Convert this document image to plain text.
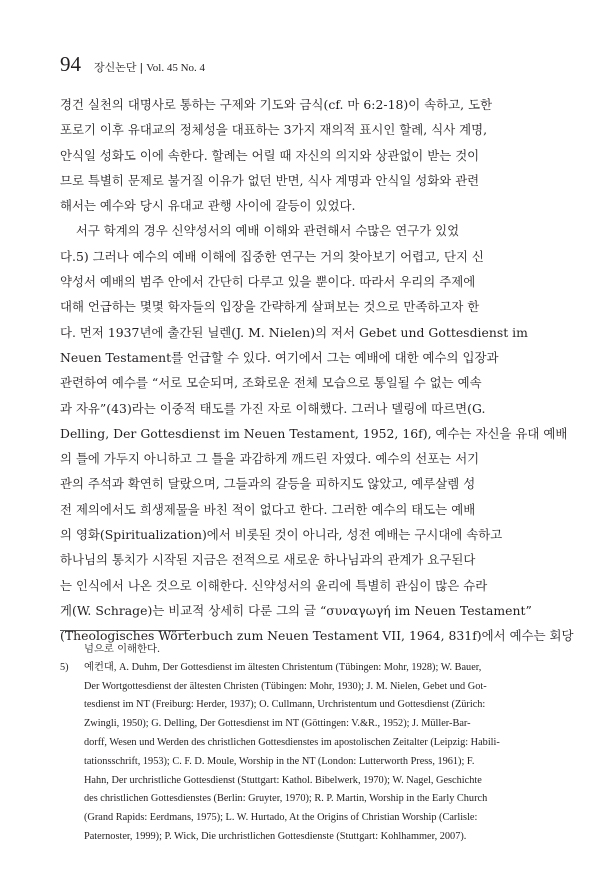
94 장신논단 | Vol. 45 No. 4
경건 실천의 대명사로 통하는 구제와 기도와 금식(cf. 마 6:2-18)이 속하고, 도한
포로기 이후 유대교의 정체성을 대표하는 3가지 재의적 표시인 할례, 식사 계명,
안식일 성화도 이에 속한다. 할례는 어릴 때 자신의 의지와 상관없이 받는 것이
므로 특별히 문제로 불거질 이유가 없던 반면, 식사 계명과 안식일 성화와 관련
해서는 예수와 당시 유대교 관행 사이에 갈등이 있었다.
서구 학계의 경우 신약성서의 예배 이해와 관련해서 수많은 연구가 있었
다.5) 그러나 예수의 예배 이해에 집중한 연구는 거의 찾아보기 어렵고, 단지 신
약성서 예배의 범주 안에서 간단히 다루고 있을 뿐이다. 따라서 우리의 주제에
대해 언급하는 몇몇 학자들의 입장을 간략하게 살펴보는 것으로 만족하고자 한
다. 먼저 1937년에 출간된 닐렌(J. M. Nielen)의 저서 Gebet und Gottesdienst im
Neuen Testament를 언급할 수 있다. 여기에서 그는 예배에 대한 예수의 입장과
관련하여 예수를 “서로 모순되며, 조화로운 전체 모습으로 통일될 수 없는 예속
과 자유”(43)라는 이중적 태도를 가진 자로 이해했다. 그러나 델링에 따르면(G.
Delling, Der Gottesdienst im Neuen Testament, 1952, 16f), 예수는 자신을 유대 예배
의 틀에 가두지 아니하고 그 틀을 과감하게 깨드린 자였다. 예수의 선포는 서기
관의 주석과 확연히 달랐으며, 그들과의 갈등을 피하지도 않았고, 예루살렘 성
전 제의에서도 희생제물을 바친 적이 없다고 한다. 그러한 예수의 태도는 예배
의 영화(Spiritualization)에서 비롯된 것이 아니라, 성전 예배는 구시대에 속하고
하나님의 통치가 시작된 지금은 전적으로 새로운 하나님과의 관계가 요구된다
는 인식에서 나온 것으로 이해한다. 신약성서의 윤리에 특별히 관심이 많은 슈라
게(W. Schrage)는 비교적 상세히 다룬 그의 글 “συναγωγή im Neuen Testament”
(Theologisches Wörterbuch zum Neuen Testament VII, 1964, 831f)에서 예수는 회당
넘으로 이해한다.
5) 예컨대, A. Duhm, Der Gottesdienst im ältesten Christentum (Tübingen: Mohr, 1928); W. Bauer,
Der Wortgottesdienst der ältesten Christen (Tübingen: Mohr, 1930); J. M. Nielen, Gebet und Got-
tesdienst im NT (Freiburg: Herder, 1937); O. Cullmann, Urchristentum und Gottesdienst (Zürich:
Zwingli, 1950); G. Delling, Der Gottesdienst im NT (Göttingen: V.&R., 1952); J. Müller-Bar-
dorff, Wesen und Werden des christlichen Gottesdienstes im apostolischen Zeitalter (Leipzig: Habili-
tationsschrift, 1953); C. F. D. Moule, Worship in the NT (London: Lutterworth Press, 1961); F.
Hahn, Der urchristliche Gottesdienst (Stuttgart: Kathol. Bibelwerk, 1970); W. Nagel, Geschichte
des christlichen Gottesdienstes (Berlin: Gruyter, 1970); R. P. Martin, Worship in the Early Church
(Grand Rapids: Eerdmans, 1975); L. W. Hurtado, At the Origins of Christian Worship (Carlisle:
Paternoster, 1999); P. Wick, Die urchristlichen Gottesdienste (Stuttgart: Kohlhammer, 2007).
